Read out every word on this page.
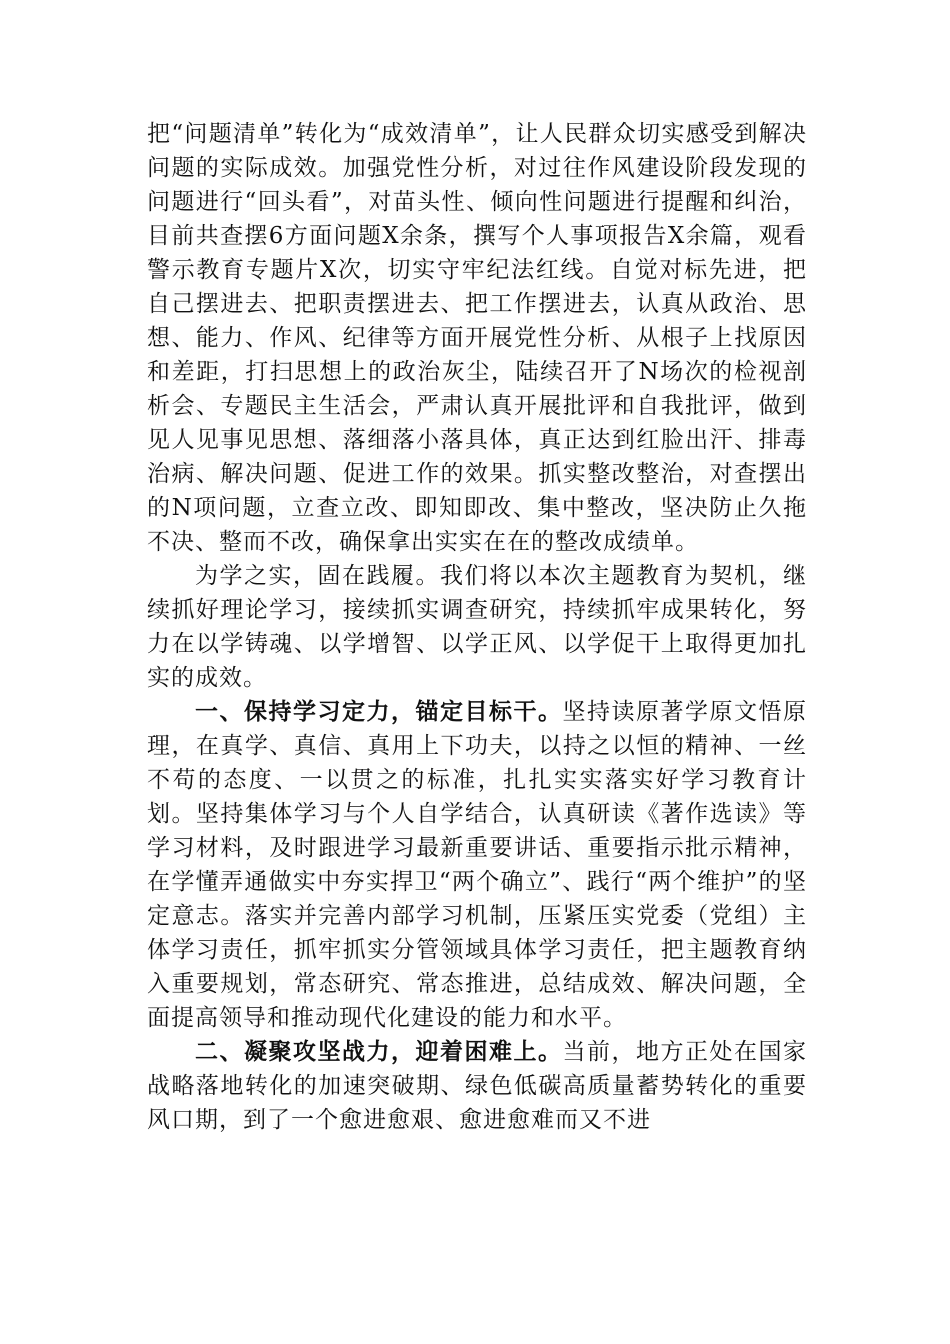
把“问题清单”转化为“成效清单”，让人民群众切实感受到解决问题的实际成效。加强党性分析，对过往作风建设阶段发现的问题进行“回头看”，对苗头性、倾向性问题进行提醒和纠治，目前共查摆6方面问题X余条，撰写个人事项报告X余篇，观看警示教育专题片X次，切实守牢纪法红线。自觉对标先进，把自己摆进去、把职责摆进去、把工作摆进去，认真从政治、思想、能力、作风、纪律等方面开展党性分析、从根子上找原因和差距，打扫思想上的政治灰尘，陆续召开了N场次的检视剖析会、专题民主生活会，严肃认真开展批评和自我批评，做到见人见事见思想、落细落小落具体，真正达到红脸出汗、排毒治病、解决问题、促进工作的效果。抓实整改整治，对查摆出的N项问题，立查立改、即知即改、集中整改，坚决防止久拖不决、整而不改，确保拿出实实在在的整改成绩单。

为学之实，固在践履。我们将以本次主题教育为契机，继续抓好理论学习，接续抓实调查研究，持续抓牢成果转化，努力在以学铸魂、以学增智、以学正风、以学促干上取得更加扎实的成效。

一、保持学习定力，锚定目标干。坚持读原著学原文悟原理，在真学、真信、真用上下功夫，以持之以恒的精神、一丝不苟的态度、一以贯之的标准，扎扎实实落实好学习教育计划。坚持集体学习与个人自学结合，认真研读《著作选读》等学习材料，及时跟进学习最新重要讲话、重要指示批示精神，在学懂弄通做实中夯实捍卫“两个确立”、践行“两个维护”的坚定意志。落实并完善内部学习机制，压紧压实党委（党组）主体学习责任，抓牢抓实分管领域具体学习责任，把主题教育纳入重要规划，常态研究、常态推进，总结成效、解决问题，全面提高领导和推动现代化建设的能力和水平。

二、凝聚攻坚战力，迎着困难上。当前，地方正处在国家战略落地转化的加速突破期、绿色低碳高质量蓄势转化的重要风口期，到了一个愈进愈艰、愈进愈难而又不进
